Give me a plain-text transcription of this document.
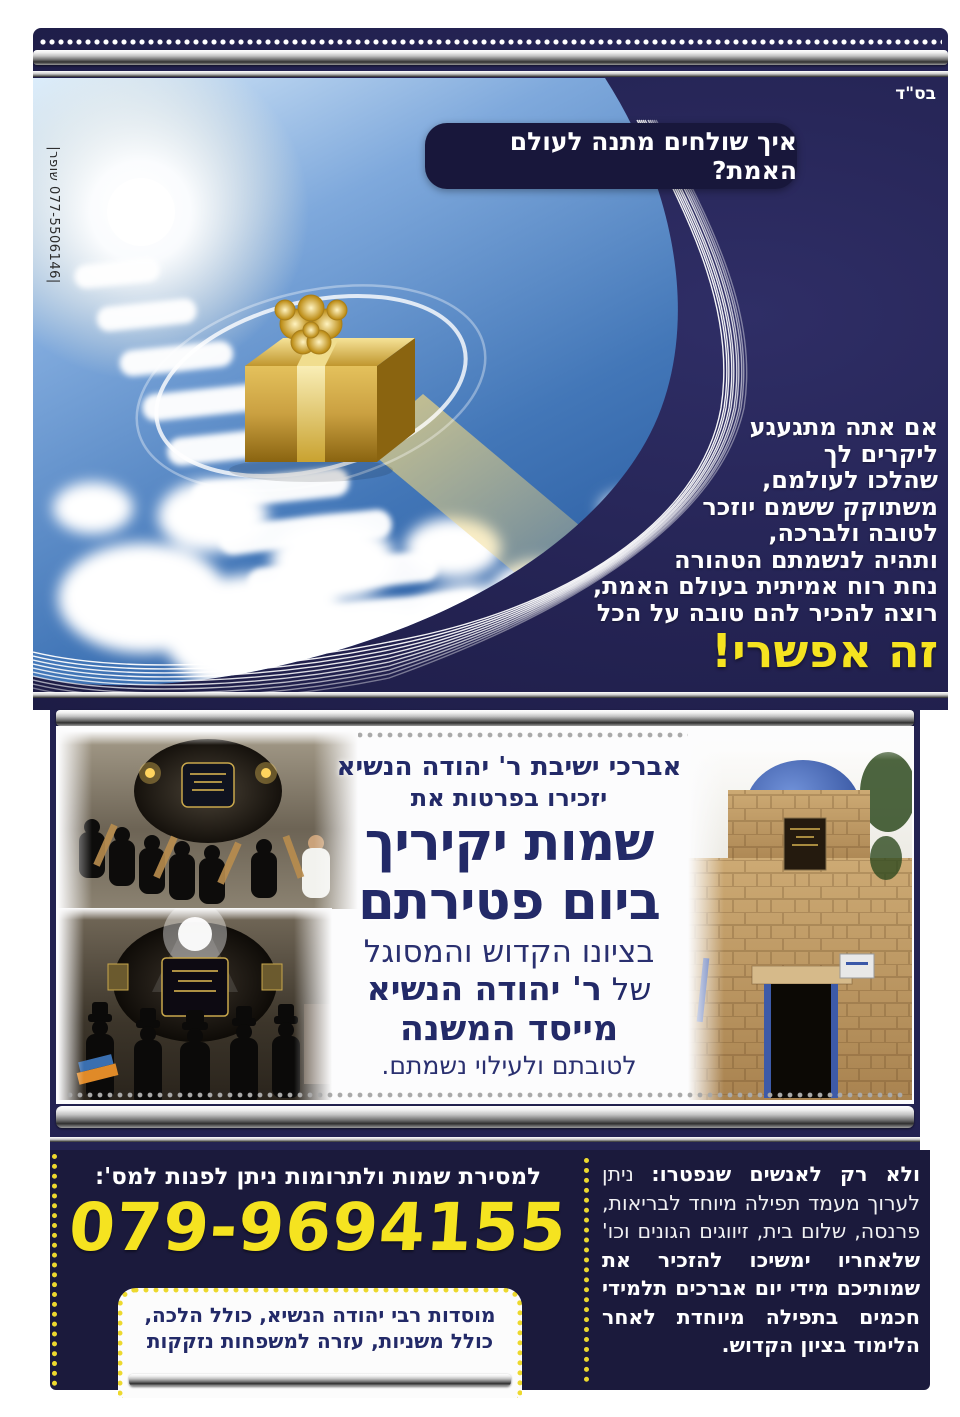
|077-5506146 שופר|
בס"ד
איך שולחים מתנה לעולם האמת?
אם אתה מתגעגע
ליקרים לך
שהלכו לעולמם,
משתוקק ששמם יוזכר
לטובה ולברכה,
ותהיה לנשמתם הטהורה
נחת רוח אמיתית בעולם האמת,
רוצה להכיר להם טובה על הכל
זה אפשרי!
אברכי ישיבת ר' יהודה הנשיא
יזכירו בפרטות את
שמות יקיריך
ביום פטירתם
בציונו הקדוש והמסוגל
של ר' יהודה הנשיא
מייסד המשנה
לטובתם ולעילוי נשמתם.
ולא רק לאנשים שנפטרו: ניתן לערוך מעמד תפילה מיוחד לבריאות, פרנסה, שלום בית, זיווגים הגונים וכו' שלאחריו ימשיכו להזכיר את שמותיכם מידי יום אברכים תלמידי חכמים בתפילה מיוחדת לאחר הלימוד בציון הקדוש.
למסירת שמות ולתרומות ניתן לפנות למס':
079-9694155
מוסדות רבי יהודה הנשיא, כולל הלכה,
כולל משניות, עזרה למשפחות נזקקות
